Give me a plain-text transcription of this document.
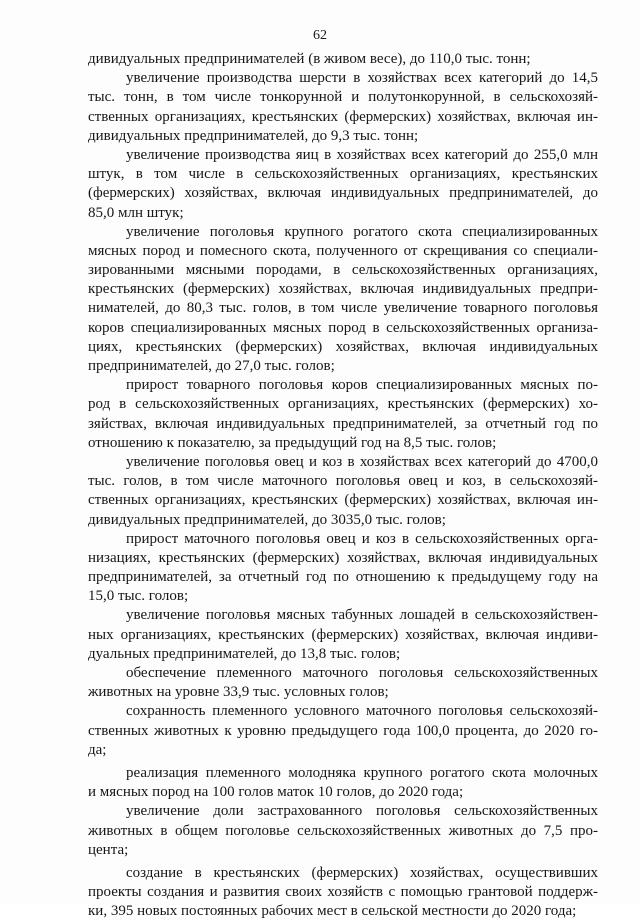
62
дивидуальных предпринимателей (в живом весе), до 110,0 тыс. тонн;
увеличение производства шерсти в хозяйствах всех категорий до 14,5
тыс. тонн, в том числе тонкорунной и полутонкорунной, в сельскохозяй-
ственных организациях, крестьянских (фермерских) хозяйствах, включая ин-
дивидуальных предпринимателей, до 9,3 тыс. тонн;
увеличение производства яиц в хозяйствах всех категорий до 255,0 млн
штук, в том числе в сельскохозяйственных организациях, крестьянских
(фермерских) хозяйствах, включая индивидуальных предпринимателей, до
85,0 млн штук;
увеличение поголовья крупного рогатого скота специализированных
мясных пород и помесного скота, полученного от скрещивания со специали-
зированными мясными породами, в сельскохозяйственных организациях,
крестьянских (фермерских) хозяйствах, включая индивидуальных предпри-
нимателей, до 80,3 тыс. голов, в том числе увеличение товарного поголовья
коров специализированных мясных пород в сельскохозяйственных организа-
циях, крестьянских (фермерских) хозяйствах, включая индивидуальных
предпринимателей, до 27,0 тыс. голов;
прирост товарного поголовья коров специализированных мясных по-
род в сельскохозяйственных организациях, крестьянских (фермерских) хо-
зяйствах, включая индивидуальных предпринимателей, за отчетный год по
отношению к показателю, за предыдущий год на 8,5 тыс. голов;
увеличение поголовья овец и коз в хозяйствах всех категорий до 4700,0
тыс. голов, в том числе маточного поголовья овец и коз, в сельскохозяй-
ственных организациях, крестьянских (фермерских) хозяйствах, включая ин-
дивидуальных предпринимателей, до 3035,0 тыс. голов;
прирост маточного поголовья овец и коз в сельскохозяйственных орга-
низациях, крестьянских (фермерских) хозяйствах, включая индивидуальных
предпринимателей, за отчетный год по отношению к предыдущему году на
15,0 тыс. голов;
увеличение поголовья мясных табунных лошадей в сельскохозяйствен-
ных организациях, крестьянских (фермерских) хозяйствах, включая индиви-
дуальных предпринимателей, до 13,8 тыс. голов;
обеспечение племенного маточного поголовья сельскохозяйственных
животных на уровне 33,9 тыс. условных голов;
сохранность племенного условного маточного поголовья сельскохозяй-
ственных животных к уровню предыдущего года 100,0 процента, до 2020 го-
да;
реализация племенного молодняка крупного рогатого скота молочных
и мясных пород на 100 голов маток 10 голов, до 2020 года;
увеличение доли застрахованного поголовья сельскохозяйственных
животных в общем поголовье сельскохозяйственных животных до 7,5 про-
цента;
создание в крестьянских (фермерских) хозяйствах, осуществивших
проекты создания и развития своих хозяйств с помощью грантовой поддерж-
ки, 395 новых постоянных рабочих мест в сельской местности до 2020 года;
